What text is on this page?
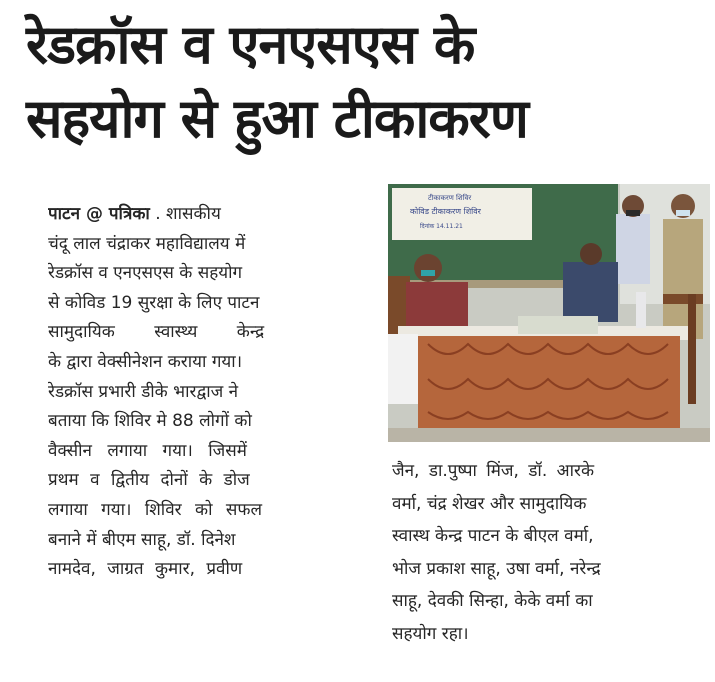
रेडक्रॉस व एनएसएस के
सहयोग से हुआ टीकाकरण
पाटन @ पत्रिका . शासकीय
चंदू लाल चंद्राकर महाविद्यालय में
रेडक्रॉस व एनएसएस के सहयोग
से कोविड 19 सुरक्षा के लिए पाटन
सामुदायिक स्वास्थ्य केन्द्र
के द्वारा वेक्सीनेशन कराया गया।
रेडक्रॉस प्रभारी डीके भारद्वाज ने
बताया कि शिविर मे 88 लोगों को
वैक्सीन लगाया गया। जिसमें
प्रथम व द्वितीय दोनों के डोज
लगाया गया। शिविर को सफल
बनाने में बीएम साहू, डॉ. दिनेश
नामदेव, जाग्रत कुमार, प्रवीण
टीकाकरण शिविर
कोविड टीकाकरण शिविर
दिनांक 14.11.21
जैन, डा.पुष्पा मिंज, डॉ. आरके
वर्मा, चंद्र शेखर और सामुदायिक
स्वास्थ केन्द्र पाटन के बीएल वर्मा,
भोज प्रकाश साहू, उषा वर्मा, नरेन्द्र
साहू, देवकी सिन्हा, केके वर्मा का
सहयोग रहा।
